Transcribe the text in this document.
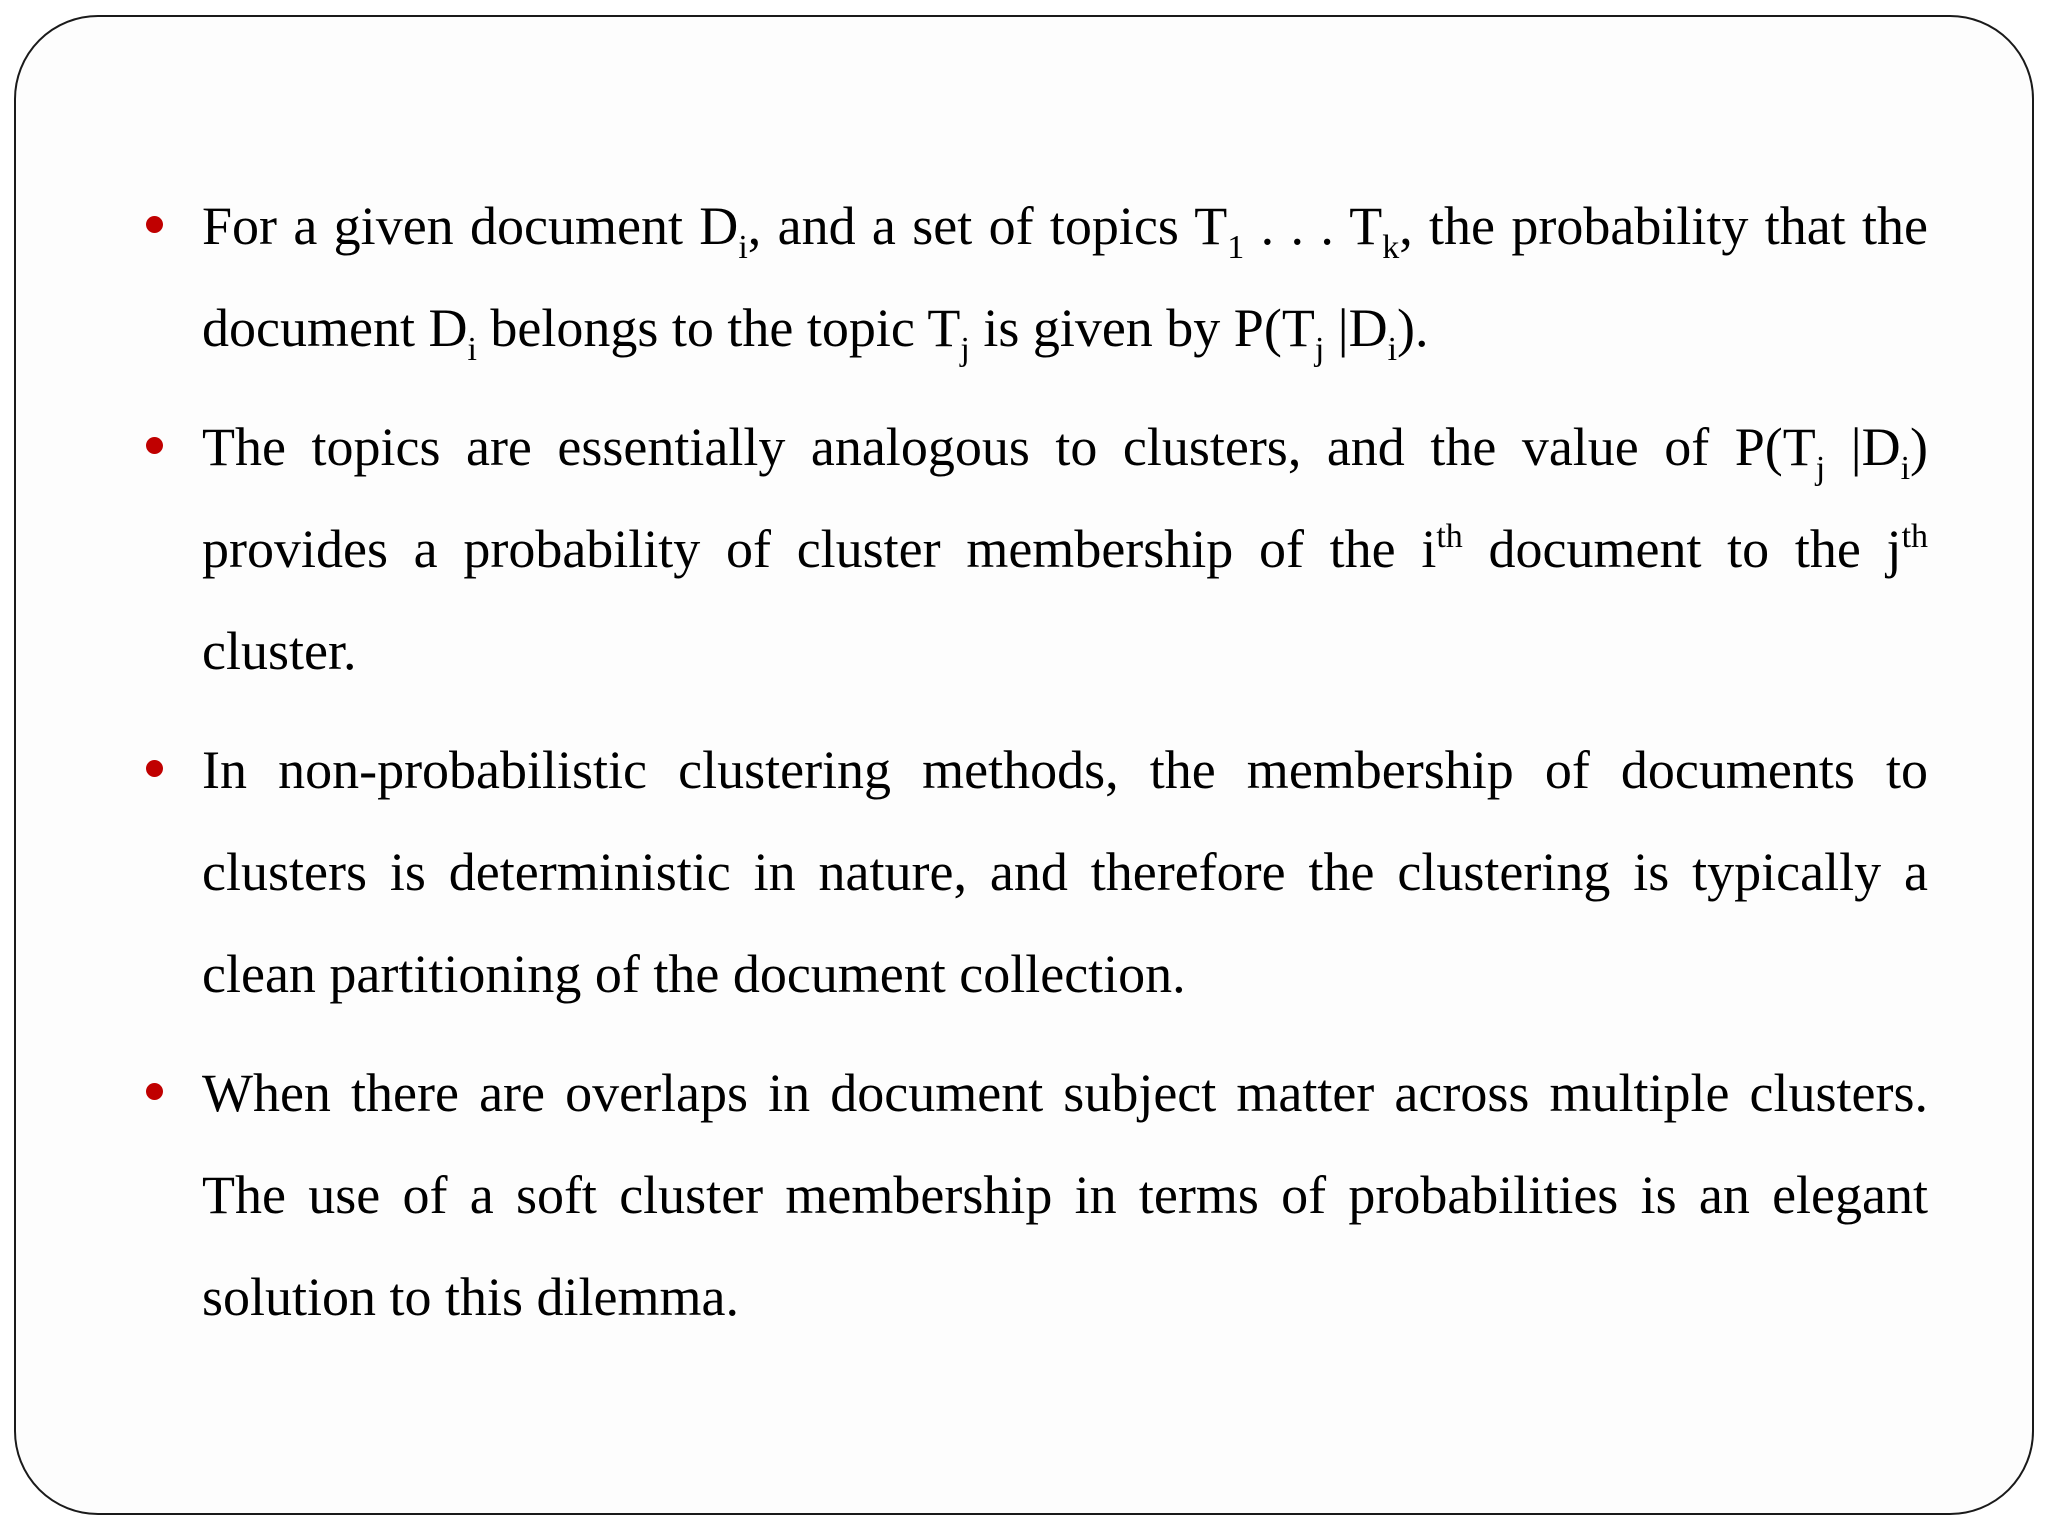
For a given document $D_i$, and a set of topics $T_1$ . . . $T_k$, the probability that the document $D_i$ belongs to the topic $T_j$ is given by $P(T_j$ $|D_i$).
The topics are essentially analogous to clusters, and the value of $P(T_j$ $|D_i$) provides a probability of cluster membership of the $i^{th}$ document to the $j^{th}$ cluster.
In non-probabilistic clustering methods, the membership of documents to clusters is deterministic in nature, and therefore the clustering is typically a clean partitioning of the document collection.
When there are overlaps in document subject matter across multiple clusters. The use of a soft cluster membership in terms of probabilities is an elegant solution to this dilemma.
